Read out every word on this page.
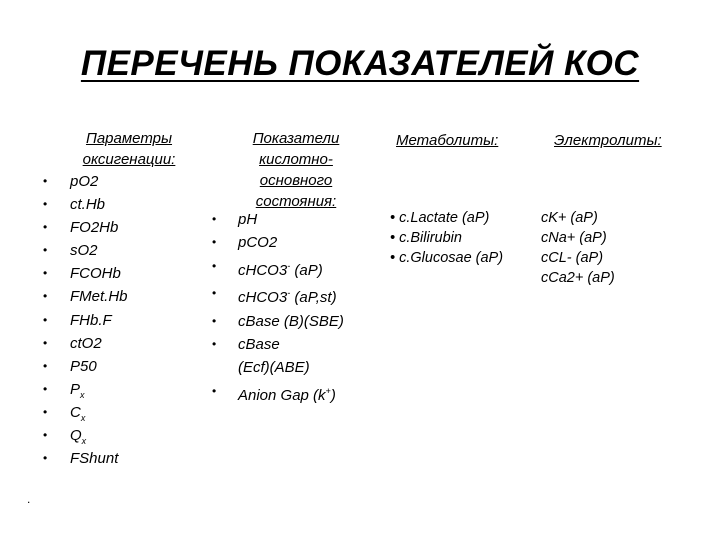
ПЕРЕЧЕНЬ ПОКАЗАТЕЛЕЙ КОС
Параметры
оксигенации:
• pO2
• ct.Hb
• FO2Hb
• sO2
• FCOHb
• FMet.Hb
• FHb.F
• ctO2
• P50
• $P_x$
• $C_x$
• $Q_x$
• FShunt
Показатели
кислотно-
основного
состояния:
• pH
• pCO2
• cHCO3- (aP)
• cHCO3- (aP,st)
• cBase (B)(SBE)
• cBase
(Ecf)(ABE)
• Anion Gap (k+)
Метаболиты:
• c.Lactate (aP)
• c.Bilirubin
• c.Glucosae (aP)
Электролиты:
cK+ (aP)
cNa+ (aP)
cCL- (aP)
cCa2+ (aP)
.
